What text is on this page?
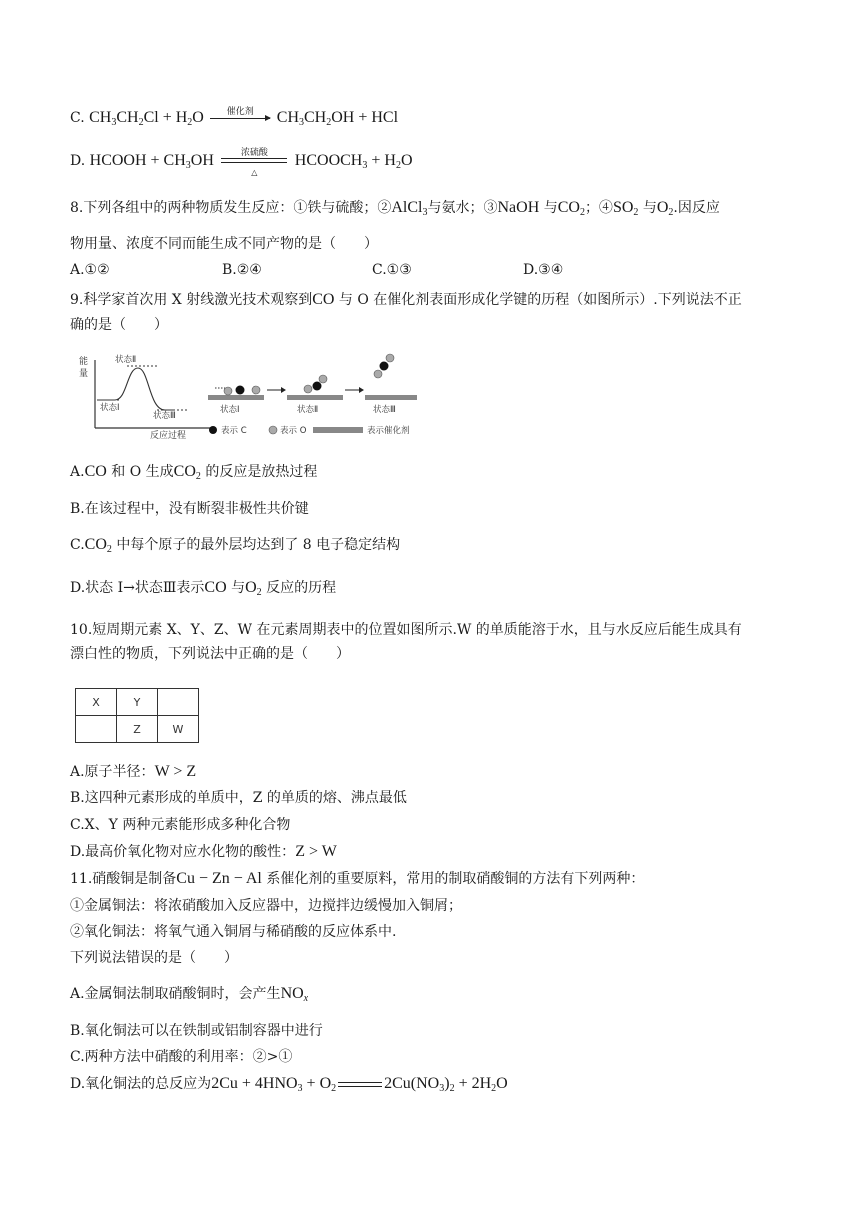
C. $CH_3CH_2Cl + H_2O$	催化剂	$CH_3CH_2OH$ + HCl
D. HCOOH + $CH_3OH$	浓硫酸
△
$HCOOCH_3 + H_2O$
8.下列各组中的两种物质发生反应：①铁与硫酸；②AlCl$_3$与氨水；③NaOH 与$CO_2$；$④SO_2$ 与$O_2$.因反应
物用量、浓度不同而能生成不同产物的是（　　）
A.①②	B.②④	C.①③	D.③④
9.科学家首次用 X 射线激光技术观察到CO 与 O 在催化剂表面形成化学键的历程（如图所示）.下列说法不正
确的是（　　）
能
量
反应过程
状态Ⅱ
状态Ⅰ
状态Ⅲ
状态Ⅰ	状态Ⅱ	状态Ⅲ
表示 C	表示 O	表示催化剂
A.CO 和 O 生成$CO_2$ 的反应是放热过程
B.在该过程中，没有断裂非极性共价键
$C.CO_2$ 中每个原子的最外层均达到了 8 电子稳定结构
D.状态 I→状态Ⅲ表示CO 与$O_2$ 反应的历程
10.短周期元素 X、Y、Z、W 在元素周期表中的位置如图所示.W 的单质能溶于水，且与水反应后能生成具有
漂白性的物质，下列说法中正确的是（　　）
X	Y	
	Z	W
A.原子半径：W > Z
B.这四种元素形成的单质中，Z 的单质的熔、沸点最低
C.X、Y 两种元素能形成多种化合物
D.最高价氧化物对应水化物的酸性：Z > W
11.硝酸铜是制备Cu − Zn − Al 系催化剂的重要原料，常用的制取硝酸铜的方法有下列两种：
①金属铜法：将浓硝酸加入反应器中，边搅拌边缓慢加入铜屑；
②氧化铜法：将氧气通入铜屑与稀硝酸的反应体系中.
下列说法错误的是（　　）
A.金属铜法制取硝酸铜时，会产生$NO_x$
B.氧化铜法可以在铁制或铝制容器中进行
C.两种方法中硝酸的利用率：②>①
D.氧化铜法的总反应为$2Cu + 4HNO_3 + O_2$	$2Cu(NO_3)_2 + 2H_2O$
